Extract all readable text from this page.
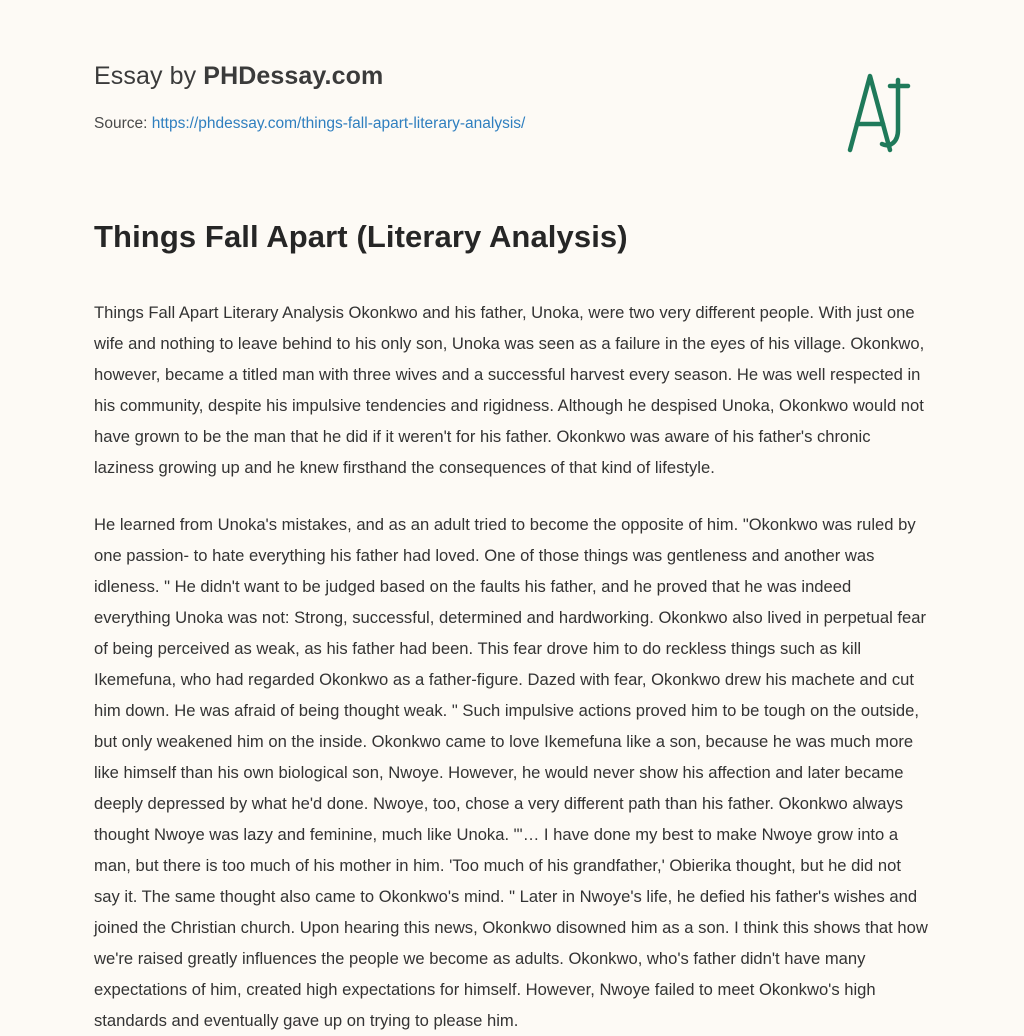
Essay by PHDessay.com
Source: https://phdessay.com/things-fall-apart-literary-analysis/
Things Fall Apart (Literary Analysis)

Things Fall Apart Literary Analysis Okonkwo and his father, Unoka, were two very different people. With just one wife and nothing to leave behind to his only son, Unoka was seen as a failure in the eyes of his village. Okonkwo, however, became a titled man with three wives and a successful harvest every season. He was well respected in his community, despite his impulsive tendencies and rigidness. Although he despised Unoka, Okonkwo would not have grown to be the man that he did if it weren't for his father. Okonkwo was aware of his father's chronic laziness growing up and he knew firsthand the consequences of that kind of lifestyle.

He learned from Unoka's mistakes, and as an adult tried to become the opposite of him. "Okonkwo was ruled by one passion- to hate everything his father had loved. One of those things was gentleness and another was idleness. " He didn't want to be judged based on the faults his father, and he proved that he was indeed everything Unoka was not: Strong, successful, determined and hardworking. Okonkwo also lived in perpetual fear of being perceived as weak, as his father had been. This fear drove him to do reckless things such as kill Ikemefuna, who had regarded Okonkwo as a father-figure. Dazed with fear, Okonkwo drew his machete and cut him down. He was afraid of being thought weak. " Such impulsive actions proved him to be tough on the outside, but only weakened him on the inside. Okonkwo came to love Ikemefuna like a son, because he was much more like himself than his own biological son, Nwoye. However, he would never show his affection and later became deeply depressed by what he'd done. Nwoye, too, chose a very different path than his father. Okonkwo always thought Nwoye was lazy and feminine, much like Unoka. "'… I have done my best to make Nwoye grow into a man, but there is too much of his mother in him. 'Too much of his grandfather,' Obierika thought, but he did not say it. The same thought also came to Okonkwo's mind. " Later in Nwoye's life, he defied his father's wishes and joined the Christian church. Upon hearing this news, Okonkwo disowned him as a son. I think this shows that how we're raised greatly influences the people we become as adults. Okonkwo, who's father didn't have many expectations of him, created high expectations for himself. However, Nwoye failed to meet Okonkwo's high standards and eventually gave up on trying to please him.
